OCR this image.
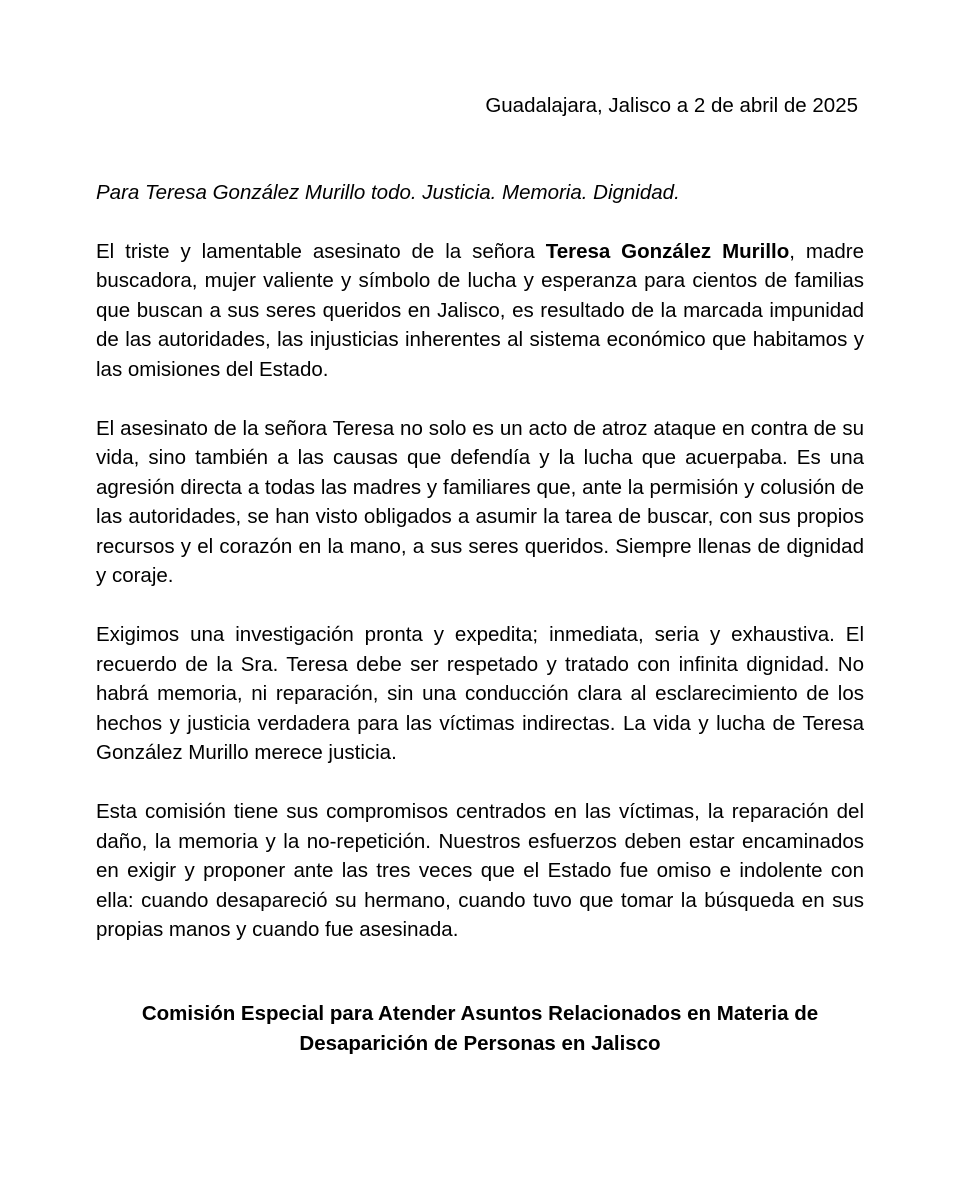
Guadalajara, Jalisco a 2 de abril de 2025

Para Teresa González Murillo todo. Justicia. Memoria. Dignidad.

El triste y lamentable asesinato de la señora Teresa González Murillo, madre buscadora, mujer valiente y símbolo de lucha y esperanza para cientos de familias que buscan a sus seres queridos en Jalisco, es resultado de la marcada impunidad de las autoridades, las injusticias inherentes al sistema económico que habitamos y las omisiones del Estado.

El asesinato de la señora Teresa no solo es un acto de atroz ataque en contra de su vida, sino también a las causas que defendía y la lucha que acuerpaba. Es una agresión directa a todas las madres y familiares que, ante la permisión y colusión de las autoridades, se han visto obligados a asumir la tarea de buscar, con sus propios recursos y el corazón en la mano, a sus seres queridos. Siempre llenas de dignidad y coraje.

Exigimos una investigación pronta y expedita; inmediata, seria y exhaustiva. El recuerdo de la Sra. Teresa debe ser respetado y tratado con infinita dignidad. No habrá memoria, ni reparación, sin una conducción clara al esclarecimiento de los hechos y justicia verdadera para las víctimas indirectas. La vida y lucha de Teresa González Murillo merece justicia.

Esta comisión tiene sus compromisos centrados en las víctimas, la reparación del daño, la memoria y la no-repetición. Nuestros esfuerzos deben estar encaminados en exigir y proponer ante las tres veces que el Estado fue omiso e indolente con ella: cuando desapareció su hermano, cuando tuvo que tomar la búsqueda en sus propias manos y cuando fue asesinada.

Comisión Especial para Atender Asuntos Relacionados en Materia de
Desaparición de Personas en Jalisco
